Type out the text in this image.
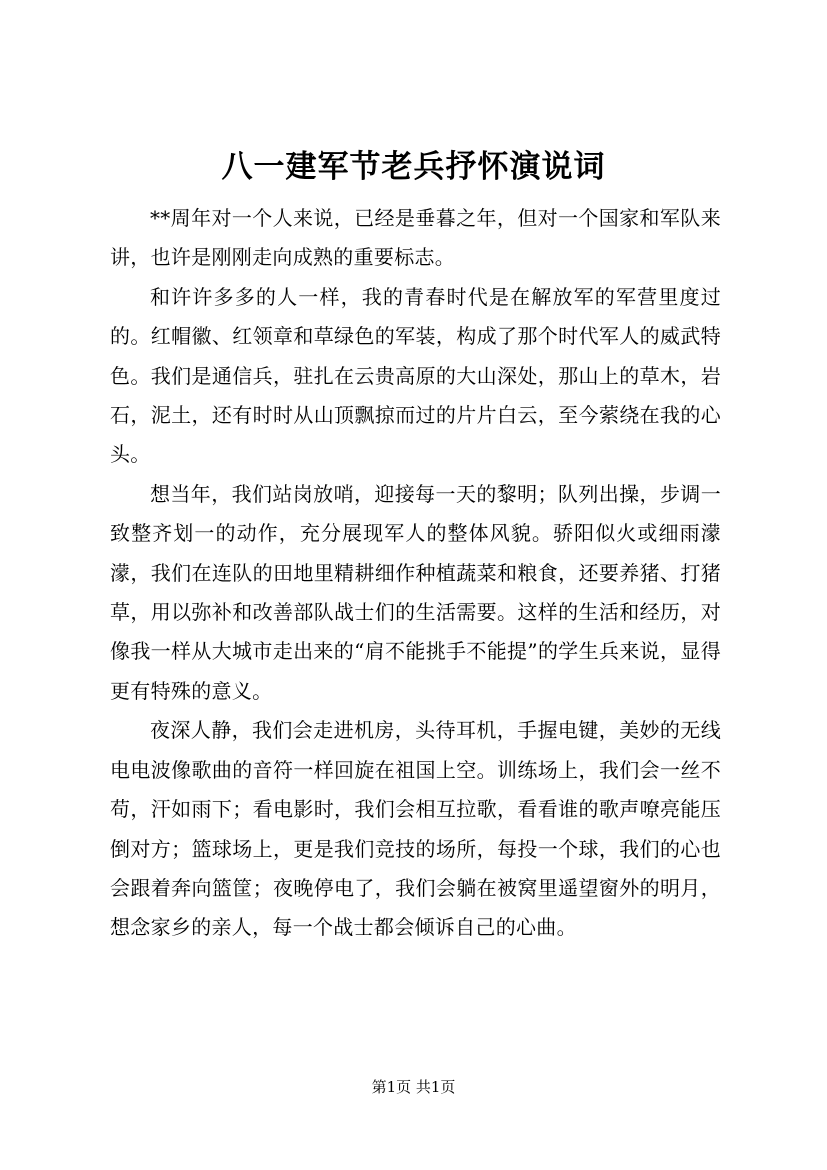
八一建军节老兵抒怀演说词

**周年对一个人来说，已经是垂暮之年，但对一个国家和军队来讲，也许是刚刚走向成熟的重要标志。

和许许多多的人一样，我的青春时代是在解放军的军营里度过的。红帽徽、红领章和草绿色的军装，构成了那个时代军人的威武特色。我们是通信兵，驻扎在云贵高原的大山深处，那山上的草木，岩石，泥土，还有时时从山顶飘掠而过的片片白云，至今萦绕在我的心头。

想当年，我们站岗放哨，迎接每一天的黎明；队列出操，步调一致整齐划一的动作，充分展现军人的整体风貌。骄阳似火或细雨濛濛，我们在连队的田地里精耕细作种植蔬菜和粮食，还要养猪、打猪草，用以弥补和改善部队战士们的生活需要。这样的生活和经历，对像我一样从大城市走出来的“肩不能挑手不能提”的学生兵来说，显得更有特殊的意义。

夜深人静，我们会走进机房，头待耳机，手握电键，美妙的无线电电波像歌曲的音符一样回旋在祖国上空。训练场上，我们会一丝不苟，汗如雨下；看电影时，我们会相互拉歌，看看谁的歌声嘹亮能压倒对方；篮球场上，更是我们竞技的场所，每投一个球，我们的心也会跟着奔向篮筐；夜晚停电了，我们会躺在被窝里遥望窗外的明月，想念家乡的亲人，每一个战士都会倾诉自己的心曲。

第1页 共1页
